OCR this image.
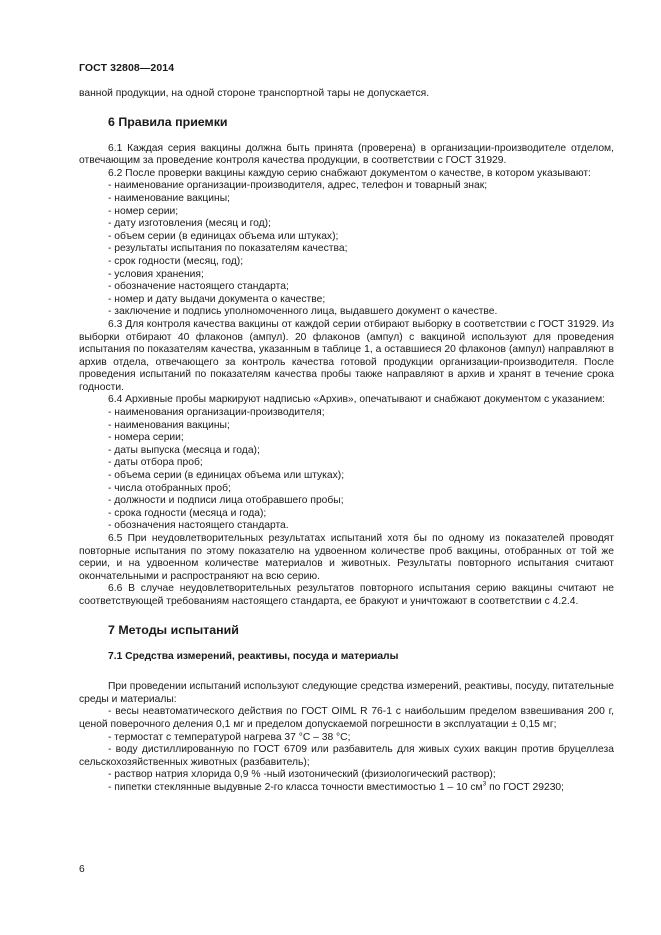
ГОСТ 32808—2014

ванной продукции, на одной стороне транспортной тары не допускается.

6 Правила приемки

6.1 Каждая серия вакцины должна быть принята (проверена) в организации-производителе отделом, отвечающим за проведение контроля качества продукции, в соответствии с ГОСТ 31929.

6.2 После проверки вакцины каждую серию снабжают документом о качестве, в котором указывают:

- наименование организации-производителя, адрес, телефон и товарный знак;

- наименование вакцины;

- номер серии;

- дату изготовления (месяц и год);

- объем серии (в единицах объема или штуках);

- результаты испытания по показателям качества;

- срок годности (месяц, год);

- условия хранения;

- обозначение настоящего стандарта;

- номер и дату выдачи документа о качестве;

- заключение и подпись уполномоченного лица, выдавшего документ о качестве.

6.3 Для контроля качества вакцины от каждой серии отбирают выборку в соответствии с ГОСТ 31929. Из выборки отбирают 40 флаконов (ампул). 20 флаконов (ампул) с вакциной используют для проведения испытания по показателям качества, указанным в таблице 1, а оставшиеся 20 флаконов (ампул) направляют в архив отдела, отвечающего за контроль качества готовой продукции организации-производителя. После проведения испытаний по показателям качества пробы также направляют в архив и хранят в течение срока годности.

6.4 Архивные пробы маркируют надписью «Архив», опечатывают и снабжают документом с указанием:

- наименования организации-производителя;

- наименования вакцины;

- номера серии;

- даты выпуска (месяца и года);

- даты отбора проб;

- объема серии (в единицах объема или штуках);

- числа отобранных проб;

- должности и подписи лица отобравшего пробы;

- срока годности (месяца и года);

- обозначения настоящего стандарта.

6.5 При неудовлетворительных результатах испытаний хотя бы по одному из показателей проводят повторные испытания по этому показателю на удвоенном количестве проб вакцины, отобранных от той же серии, и на удвоенном количестве материалов и животных. Результаты повторного испытания считают окончательными и распространяют на всю серию.

6.6 В случае неудовлетворительных результатов повторного испытания серию вакцины считают не соответствующей требованиям настоящего стандарта, ее бракуют и уничтожают в соответствии с 4.2.4.

7 Методы испытаний
7.1 Средства измерений, реактивы, посуда и материалы

При проведении испытаний используют следующие средства измерений, реактивы, посуду, питательные среды и материалы:

- весы неавтоматического действия по ГОСТ OIML R 76-1 с наибольшим пределом взвешивания 200 г, ценой поверочного деления 0,1 мг и пределом допускаемой погрешности в эксплуатации ± 0,15 мг;

- термостат с температурой нагрева 37 °С – 38 °С;

- воду дистиллированную по ГОСТ 6709 или разбавитель для живых сухих вакцин против бруцеллеза сельскохозяйственных животных (разбавитель);

- раствор натрия хлорида 0,9 % -ный изотонический (физиологический раствор);

- пипетки стеклянные выдувные 2-го класса точности вместимостью 1 – 10 $см^3$ по ГОСТ 29230;

6
